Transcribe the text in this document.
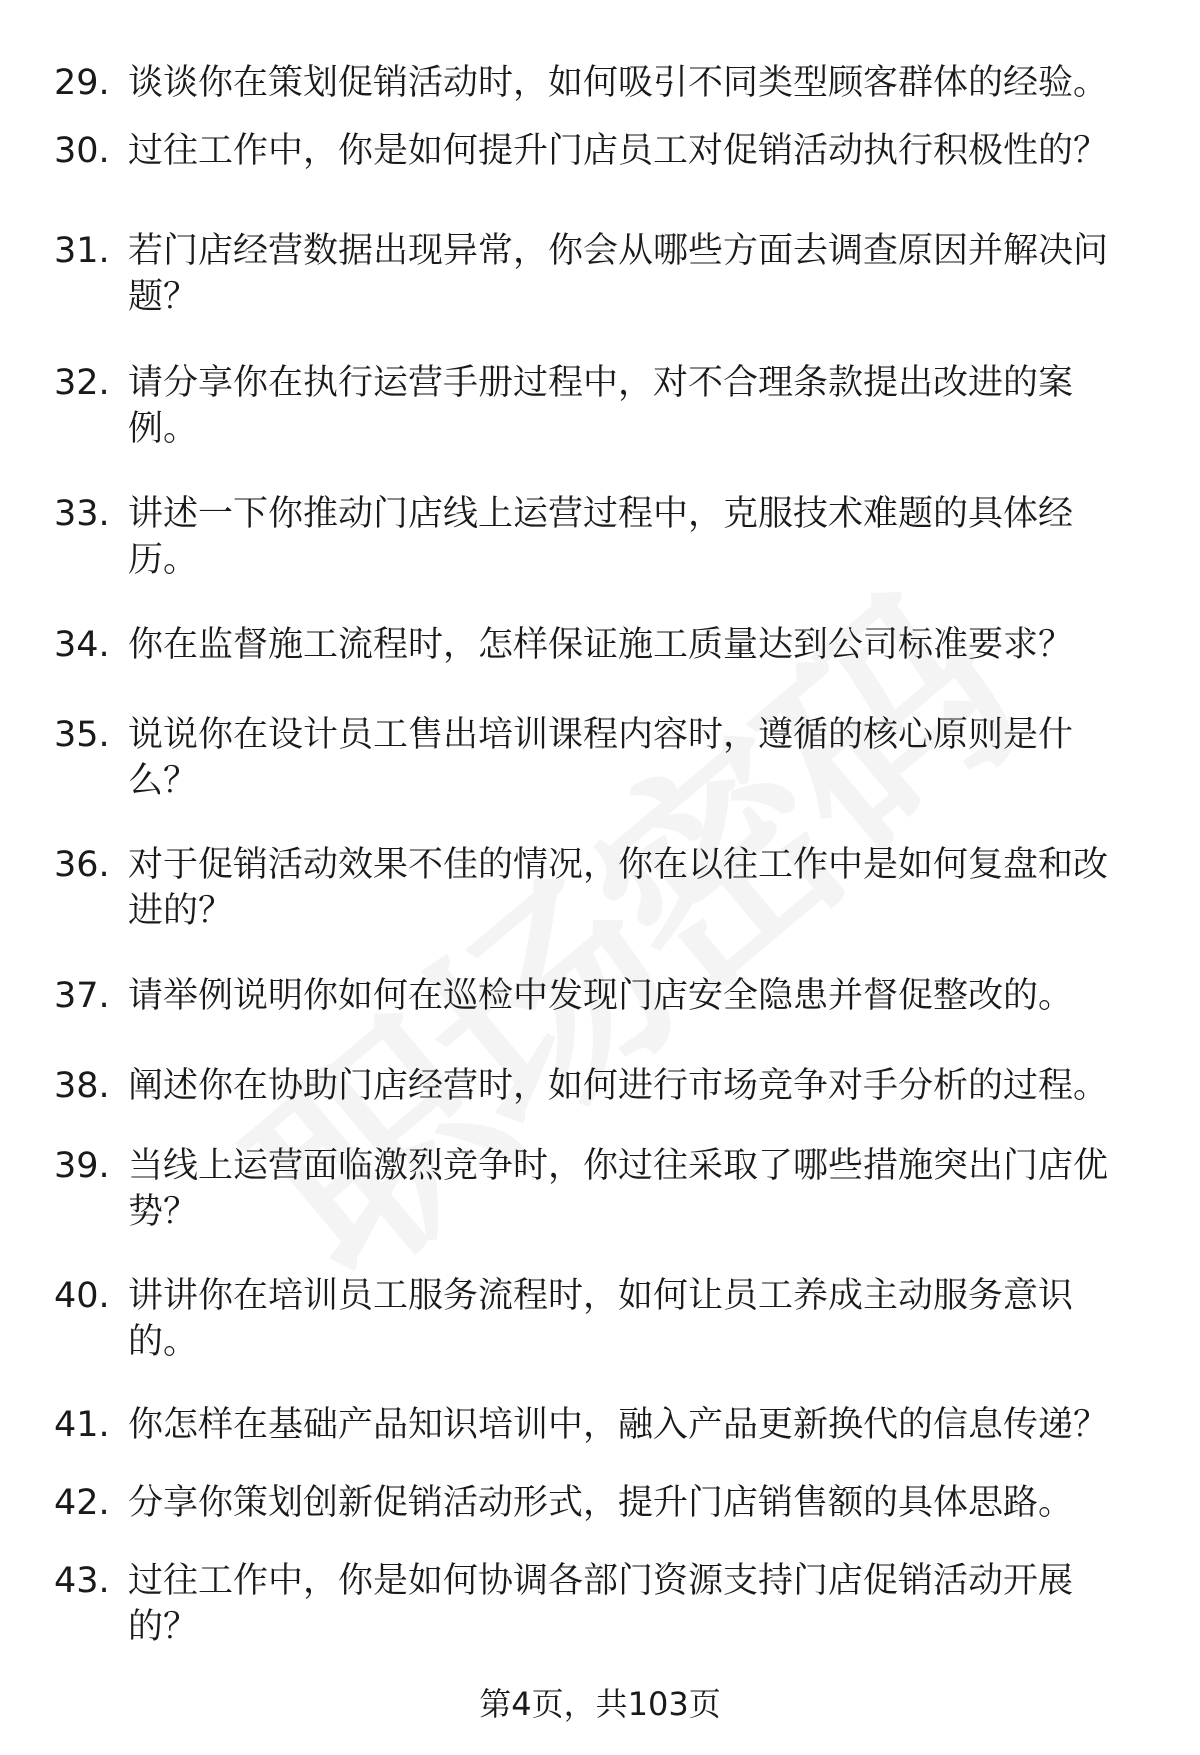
29. 谈谈你在策划促销活动时，如何吸引不同类型顾客群体的经验。
30. 过往工作中，你是如何提升门店员工对促销活动执行积极性的？
31. 若门店经营数据出现异常，你会从哪些方面去调查原因并解决问题？
32. 请分享你在执行运营手册过程中，对不合理条款提出改进的案例。
33. 讲述一下你推动门店线上运营过程中，克服技术难题的具体经历。
34. 你在监督施工流程时，怎样保证施工质量达到公司标准要求？
35. 说说你在设计员工售出培训课程内容时，遵循的核心原则是什么？
36. 对于促销活动效果不佳的情况，你在以往工作中是如何复盘和改进的？
37. 请举例说明你如何在巡检中发现门店安全隐患并督促整改的。
38. 阐述你在协助门店经营时，如何进行市场竞争对手分析的过程。
39. 当线上运营面临激烈竞争时，你过往采取了哪些措施突出门店优势？
40. 讲讲你在培训员工服务流程时，如何让员工养成主动服务意识的。
41. 你怎样在基础产品知识培训中，融入产品更新换代的信息传递？
42. 分享你策划创新促销活动形式，提升门店销售额的具体思路。
43. 过往工作中，你是如何协调各部门资源支持门店促销活动开展的？
第4页，共103页
